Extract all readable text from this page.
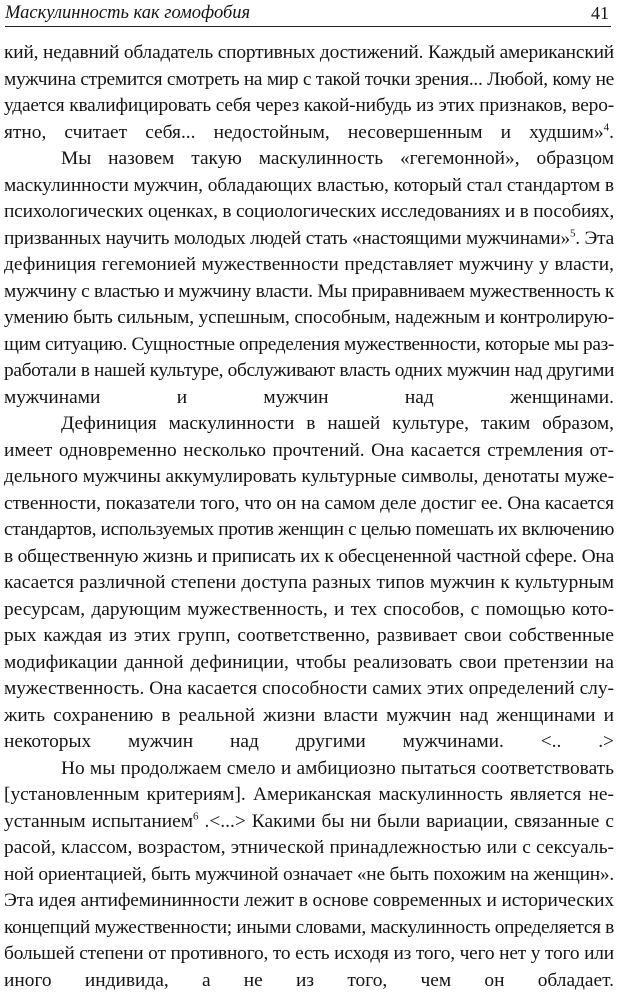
Маскулинность как гомофобия	41

кий, недавний обладатель спортивных достижений. Каждый американский
мужчина стремится смотреть на мир с такой точки зрения... Любой, кому не
удается квалифицировать себя через какой-нибудь из этих признаков, веро-
ятно, считает себя... недостойным, несовершенным и худшим»$^4$.

Мы назовем такую маскулинность «гегемонной», образцом
маскулинности мужчин, обладающих властью, который стал стандартом в
психологических оценках, в социологических исследованиях и в пособиях,
призванных научить молодых людей стать «настоящими мужчинами»$^5$. Эта
дефиниция гегемонией мужественности представляет мужчину у власти,
мужчину с властью и мужчину власти. Мы приравниваем мужественность к
умению быть сильным, успешным, способным, надежным и контролирую-
щим ситуацию. Сущностные определения мужественности, которые мы раз-
работали в нашей культуре, обслуживают власть одних мужчин над другими
мужчинами и мужчин над женщинами.

Дефиниция маскулинности в нашей культуре, таким образом,
имеет одновременно несколько прочтений. Она касается стремления от-
дельного мужчины аккумулировать культурные символы, денотаты муже-
ственности, показатели того, что он на самом деле достиг ее. Она касается
стандартов, используемых против женщин с целью помешать их включению
в общественную жизнь и приписать их к обесцененной частной сфере. Она
касается различной степени доступа разных типов мужчин к культурным
ресурсам, дарующим мужественность, и тех способов, с помощью кото-
рых каждая из этих групп, соответственно, развивает свои собственные
модификации данной дефиниции, чтобы реализовать свои претензии на
мужественность. Она касается способности самих этих определений слу-
жить сохранению в реальной жизни власти мужчин над женщинами и
некоторых мужчин над другими мужчинами. <.. .>

Но мы продолжаем смело и амбициозно пытаться соответствовать
[установленным критериям]. Американская маскулинность является не-
устанным испытанием$^6$ .<...> Какими бы ни были вариации, связанные с
расой, классом, возрастом, этнической принадлежностью или с сексуаль-
ной ориентацией, быть мужчиной означает «не быть похожим на женщин».
Эта идея антифемининности лежит в основе современных и исторических
концепций мужественности; иными словами, маскулинность определяется в
большей степени от противного, то есть исходя из того, чего нет у того или
иного индивида, а не из того, чем он обладает.
